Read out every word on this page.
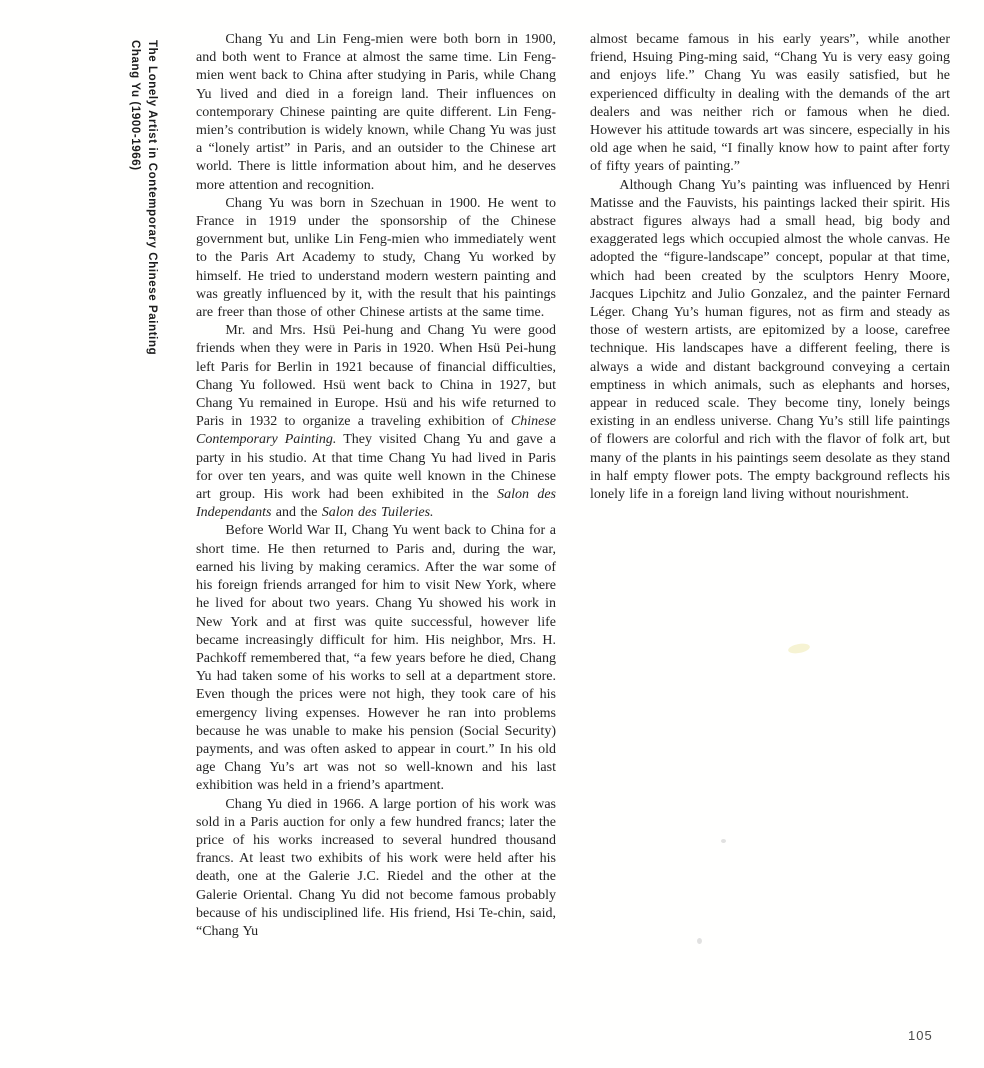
Chang Yu (1900-1966) The Lonely Artist in Contemporary Chinese Painting

Chang Yu and Lin Feng-mien were both born in 1900, and both went to France at almost the same time. Lin Feng-mien went back to China after studying in Paris, while Chang Yu lived and died in a foreign land. Their influences on contemporary Chinese painting are quite different. Lin Feng-mien’s contribution is widely known, while Chang Yu was just a “lonely artist” in Paris, and an outsider to the Chinese art world. There is little information about him, and he deserves more attention and recognition.

Chang Yu was born in Szechuan in 1900. He went to France in 1919 under the sponsorship of the Chinese government but, unlike Lin Feng-mien who immediately went to the Paris Art Academy to study, Chang Yu worked by himself. He tried to understand modern western painting and was greatly influenced by it, with the result that his paintings are freer than those of other Chinese artists at the same time.

Mr. and Mrs. Hsü Pei-hung and Chang Yu were good friends when they were in Paris in 1920. When Hsü Pei-hung left Paris for Berlin in 1921 because of financial difficulties, Chang Yu followed. Hsü went back to China in 1927, but Chang Yu remained in Europe. Hsü and his wife returned to Paris in 1932 to organize a traveling exhibition of Chinese Contemporary Painting. They visited Chang Yu and gave a party in his studio. At that time Chang Yu had lived in Paris for over ten years, and was quite well known in the Chinese art group. His work had been exhibited in the Salon des Independants and the Salon des Tuileries.

Before World War II, Chang Yu went back to China for a short time. He then returned to Paris and, during the war, earned his living by making ceramics. After the war some of his foreign friends arranged for him to visit New York, where he lived for about two years. Chang Yu showed his work in New York and at first was quite successful, however life became increasingly difficult for him. His neighbor, Mrs. H. Pachkoff remembered that, “a few years before he died, Chang Yu had taken some of his works to sell at a department store. Even though the prices were not high, they took care of his emergency living expenses. However he ran into problems because he was unable to make his pension (Social Security) payments, and was often asked to appear in court.” In his old age Chang Yu’s art was not so well-known and his last exhibition was held in a friend’s apartment.

Chang Yu died in 1966. A large portion of his work was sold in a Paris auction for only a few hundred francs; later the price of his works increased to several hundred thousand francs. At least two exhibits of his work were held after his death, one at the Galerie J.C. Riedel and the other at the Galerie Oriental. Chang Yu did not become famous probably because of his undisciplined life. His friend, Hsi Te-chin, said, “Chang Yu

almost became famous in his early years”, while another friend, Hsuing Ping-ming said, “Chang Yu is very easy going and enjoys life.” Chang Yu was easily satisfied, but he experienced difficulty in dealing with the demands of the art dealers and was neither rich or famous when he died. However his attitude towards art was sincere, especially in his old age when he said, “I finally know how to paint after forty of fifty years of painting.”

Although Chang Yu’s painting was influenced by Henri Matisse and the Fauvists, his paintings lacked their spirit. His abstract figures always had a small head, big body and exaggerated legs which occupied almost the whole canvas. He adopted the “figure-landscape” concept, popular at that time, which had been created by the sculptors Henry Moore, Jacques Lipchitz and Julio Gonzalez, and the painter Fernard Léger. Chang Yu’s human figures, not as firm and steady as those of western artists, are epitomized by a loose, carefree technique. His landscapes have a different feeling, there is always a wide and distant background conveying a certain emptiness in which animals, such as elephants and horses, appear in reduced scale. They become tiny, lonely beings existing in an endless universe. Chang Yu’s still life paintings of flowers are colorful and rich with the flavor of folk art, but many of the plants in his paintings seem desolate as they stand in half empty flower pots. The empty background reflects his lonely life in a foreign land living without nourishment.

105
